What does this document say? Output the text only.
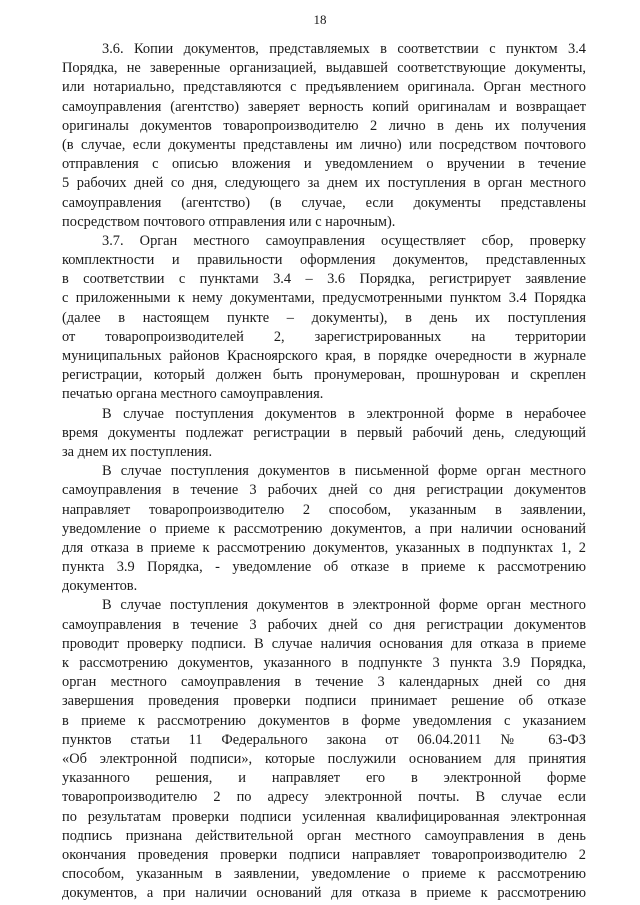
18
3.6. Копии документов, представляемых в соответствии с пунктом 3.4
Порядка, не заверенные организацией, выдавшей соответствующие документы,
или нотариально, представляются с предъявлением оригинала. Орган местного
самоуправления (агентство) заверяет верность копий оригиналам и возвращает
оригиналы документов товаропроизводителю 2 лично в день их получения
(в случае, если документы представлены им лично) или посредством почтового
отправления с описью вложения и уведомлением о вручении в течение
5 рабочих дней со дня, следующего за днем их поступления в орган местного
самоуправления (агентство) (в случае, если документы представлены
посредством почтового отправления или с нарочным).
3.7. Орган местного самоуправления осуществляет сбор, проверку
комплектности и правильности оформления документов, представленных
в соответствии с пунктами 3.4 – 3.6 Порядка, регистрирует заявление
с приложенными к нему документами, предусмотренными пунктом 3.4 Порядка
(далее в настоящем пункте – документы), в день их поступления
от товаропроизводителей 2, зарегистрированных на территории
муниципальных районов Красноярского края, в порядке очередности в журнале
регистрации, который должен быть пронумерован, прошнурован и скреплен
печатью органа местного самоуправления.
В случае поступления документов в электронной форме в нерабочее
время документы подлежат регистрации в первый рабочий день, следующий
за днем их поступления.
В случае поступления документов в письменной форме орган местного
самоуправления в течение 3 рабочих дней со дня регистрации документов
направляет товаропроизводителю 2 способом, указанным в заявлении,
уведомление о приеме к рассмотрению документов, а при наличии оснований
для отказа в приеме к рассмотрению документов, указанных в подпунктах 1, 2
пункта 3.9 Порядка, - уведомление об отказе в приеме к рассмотрению
документов.
В случае поступления документов в электронной форме орган местного
самоуправления в течение 3 рабочих дней со дня регистрации документов
проводит проверку подписи. В случае наличия основания для отказа в приеме
к рассмотрению документов, указанного в подпункте 3 пункта 3.9 Порядка,
орган местного самоуправления в течение 3 календарных дней со дня
завершения проведения проверки подписи принимает решение об отказе
в приеме к рассмотрению документов в форме уведомления с указанием
пунктов статьи 11 Федерального закона от 06.04.2011 № 63-ФЗ
«Об электронной подписи», которые послужили основанием для принятия
указанного решения, и направляет его в электронной форме
товаропроизводителю 2 по адресу электронной почты. В случае если
по результатам проверки подписи усиленная квалифицированная электронная
подпись признана действительной орган местного самоуправления в день
окончания проведения проверки подписи направляет товаропроизводителю 2
способом, указанным в заявлении, уведомление о приеме к рассмотрению
документов, а при наличии оснований для отказа в приеме к рассмотрению
